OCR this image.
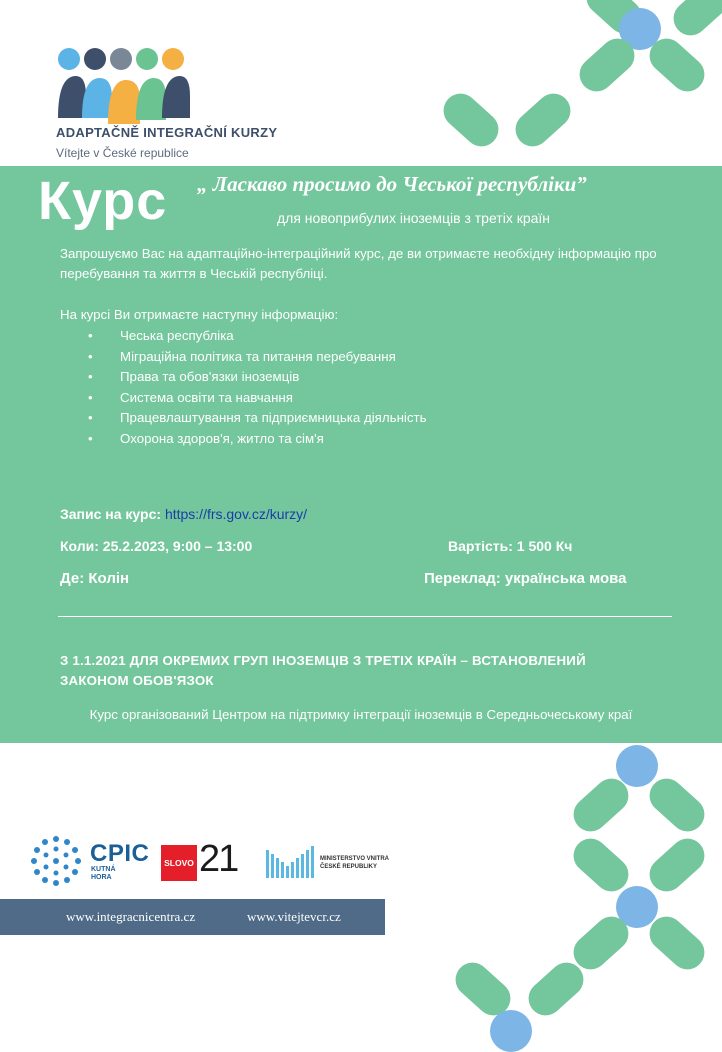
ADAPTAČNĚ INTEGRAČNÍ KURZY
Vítejte v České republice
Курс „ Ласкаво просимо до Чеської республіки”
для новоприбулих іноземців з третіх країн
Запрошуємо Вас на адаптаційно-інтеграційний курс, де ви отримаєте необхідну інформацію про перебування та життя в Чеській республіці.
На курсі Ви отримаєте наступну інформацію:
• Чеська республіка
• Міграційна політика та питання перебування
• Права та обов'язки іноземців
• Система освіти та навчання
• Працевлаштування та підприємницька діяльність
• Охорона здоров'я, житло та сім'я
Запис на курс: https://frs.gov.cz/kurzy/
Коли: 25.2.2023, 9:00 – 13:00	Вартість: 1 500 Кч
Де: Колін	Переклад: українська мова
З 1.1.2021 ДЛЯ ОКРЕМИХ ГРУП ІНОЗЕМЦІВ З ТРЕТІХ КРАЇН – ВСТАНОВЛЕНИЙ ЗАКОНОМ ОБОВ'ЯЗОК
Курс організований Центром на підтримку інтеграції іноземців в Середньочеському краї
CPIC
KUTNÁ
HORA
SLOVO 21	MINISTERSTVO VNITRA
ČESKÉ REPUBLIKY
www.integracnicentra.cz	www.vitejtevcr.cz
